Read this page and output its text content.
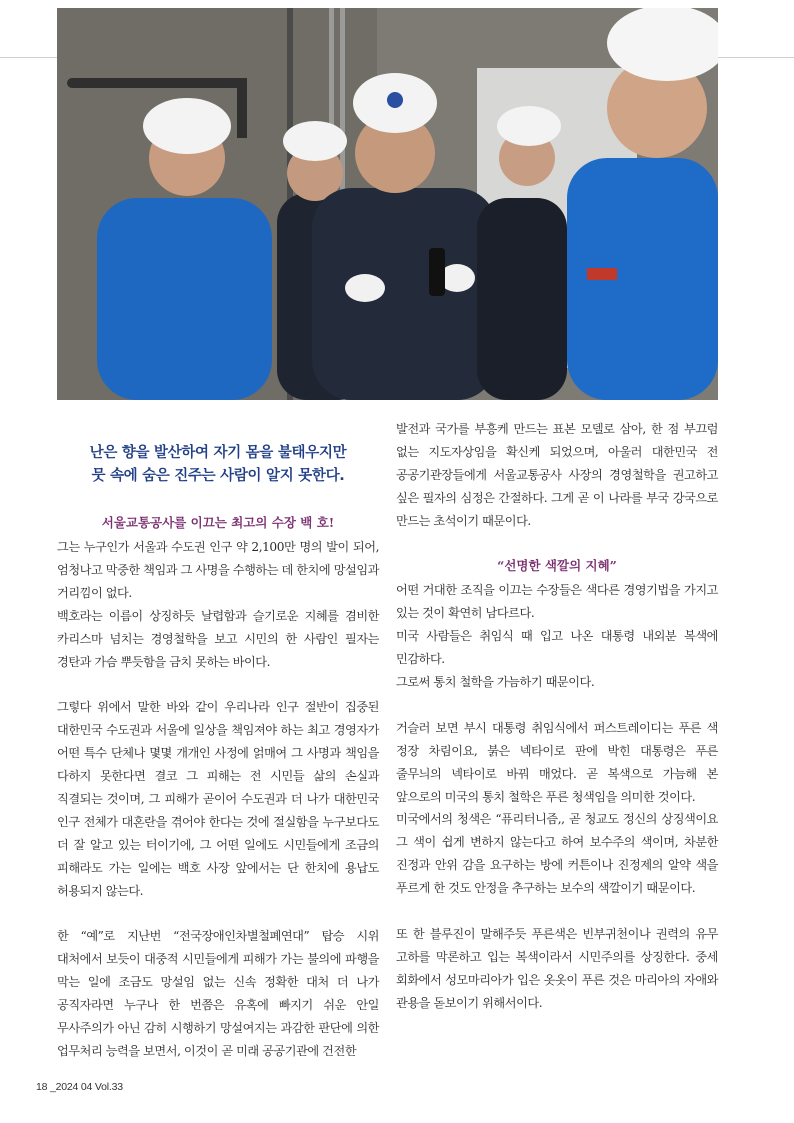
난은 향을 발산하여 자기 몸을 불태우지만
뭇 속에 숨은 진주는 사람이 알지 못한다.
서울교통공사를 이끄는 최고의 수장 백 호!

그는 누구인가 서울과 수도권 인구 약 2,100만 명의 발이 되어, 엄청나고 막중한 책임과 그 사명을 수행하는 데 한치에 망설임과 거리낌이 없다.

백호라는 이름이 상징하듯 날렵함과 슬기로운 지혜를 겸비한 카리스마 넘치는 경영철학을 보고 시민의 한 사람인 필자는 경탄과 가슴 뿌듯함을 금치 못하는 바이다.

그렇다 위에서 말한 바와 같이 우리나라 인구 절반이 집중된 대한민국 수도권과 서울에 일상을 책임져야 하는 최고 경영자가 어떤 특수 단체나 몇몇 개개인 사정에 얽매여 그 사명과 책임을 다하지 못한다면 결코 그 피해는 전 시민들 삶의 손실과 직결되는 것이며, 그 피해가 곧이어 수도권과 더 나가 대한민국 인구 전체가 대혼란을 겪어야 한다는 것에 절실함을 누구보다도 더 잘 알고 있는 터이기에, 그 어떤 일에도 시민들에게 조금의 피해라도 가는 일에는 백호 사장 앞에서는 단 한치에 용납도 허용되지 않는다.

한 “예”로 지난번 “전국장애인차별철폐연대” 탑승 시위 대처에서 보듯이 대중적 시민들에게 피해가 가는 불의에 파행을 막는 일에 조금도 망설임 없는 신속 정확한 대처 더 나가 공직자라면 누구나 한 번쯤은 유혹에 빠지기 쉬운 안일 무사주의가 아닌 감히 시행하기 망설여지는 과감한 판단에 의한 업무처리 능력을 보면서, 이것이 곧 미래 공공기관에 건전한

발전과 국가를 부흥케 만드는 표본 모델로 삼아, 한 점 부끄럼 없는 지도자상임을 확신케 되었으며, 아울러 대한민국 전 공공기관장들에게 서울교통공사 사장의 경영철학을 권고하고 싶은 필자의 심정은 간절하다. 그게 곧 이 나라를 부국 강국으로 만드는 초석이기 때문이다.

“선명한 색깔의 지혜”

어떤 거대한 조직을 이끄는 수장들은 색다른 경영기법을 가지고 있는 것이 확연히 남다르다.

미국 사람들은 취임식 때 입고 나온 대통령 내외분 복색에 민감하다.

그로써 통치 철학을 가늠하기 때문이다.

거슬러 보면 부시 대통령 취임식에서 퍼스트레이디는 푸른 색 정장 차림이요, 붉은 넥타이로 판에 박힌 대통령은 푸른 줄무늬의 넥타이로 바꿔 매었다. 곧 복색으로 가늠해 본 앞으로의 미국의 통치 철학은 푸른 청색임을 의미한 것이다.

미국에서의 청색은 “퓨리터니즘,, 곧 청교도 정신의 상징색이요 그 색이 쉽게 변하지 않는다고 하여 보수주의 색이며, 차분한 진정과 안위 감을 요구하는 방에 커튼이나 진정제의 알약 색을 푸르게 한 것도 안정을 추구하는 보수의 색깔이기 때문이다.

또 한 블루진이 말해주듯 푸른색은 빈부귀천이나 권력의 유무 고하를 막론하고 입는 복색이라서 시민주의를 상징한다. 중세 회화에서 성모마리아가 입은 옷옷이 푸른 것은 마리아의 자애와 관용을 돋보이기 위해서이다.

18 _2024 04 Vol.33
